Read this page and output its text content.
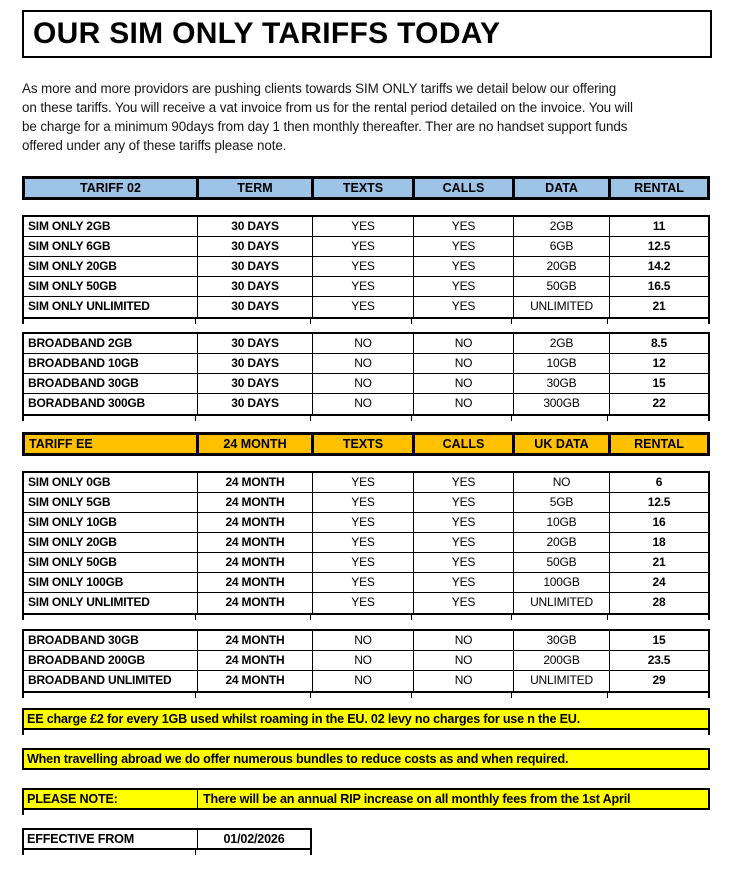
OUR SIM ONLY TARIFFS TODAY
As more and more providors are pushing clients towards SIM ONLY tariffs we detail below our offering
on these tariffs. You will receive a vat invoice from us for the rental period detailed on the invoice. You will
be charge for a minimum 90days from day 1 then monthly thereafter. Ther are no handset support funds
offered under any of these tariffs please note.
TARIFF 02	TERM	TEXTS	CALLS	DATA	RENTAL
SIM ONLY 2GB	30 DAYS	YES	YES	2GB	11
SIM ONLY 6GB	30 DAYS	YES	YES	6GB	12.5
SIM ONLY 20GB	30 DAYS	YES	YES	20GB	14.2
SIM ONLY 50GB	30 DAYS	YES	YES	50GB	16.5
SIM ONLY UNLIMITED	30 DAYS	YES	YES	UNLIMITED	21
BROADBAND 2GB	30 DAYS	NO	NO	2GB	8.5
BROADBAND 10GB	30 DAYS	NO	NO	10GB	12
BROADBAND 30GB	30 DAYS	NO	NO	30GB	15
BORADBAND 300GB	30 DAYS	NO	NO	300GB	22
TARIFF EE	24 MONTH	TEXTS	CALLS	UK DATA	RENTAL
SIM ONLY 0GB	24 MONTH	YES	YES	NO	6
SIM ONLY 5GB	24 MONTH	YES	YES	5GB	12.5
SIM ONLY 10GB	24 MONTH	YES	YES	10GB	16
SIM ONLY 20GB	24 MONTH	YES	YES	20GB	18
SIM ONLY 50GB	24 MONTH	YES	YES	50GB	21
SIM ONLY 100GB	24 MONTH	YES	YES	100GB	24
SIM ONLY UNLIMITED	24 MONTH	YES	YES	UNLIMITED	28
BROADBAND 30GB	24 MONTH	NO	NO	30GB	15
BROADBAND 200GB	24 MONTH	NO	NO	200GB	23.5
BROADBAND UNLIMITED	24 MONTH	NO	NO	UNLIMITED	29
EE charge £2 for every 1GB used whilst roaming in the EU. 02 levy no charges for use n the EU.
When travelling abroad we do offer numerous bundles to reduce costs as and when required.
PLEASE NOTE:	There will be an annual RIP increase on all monthly fees from the 1st April
EFFECTIVE FROM	01/02/2026
